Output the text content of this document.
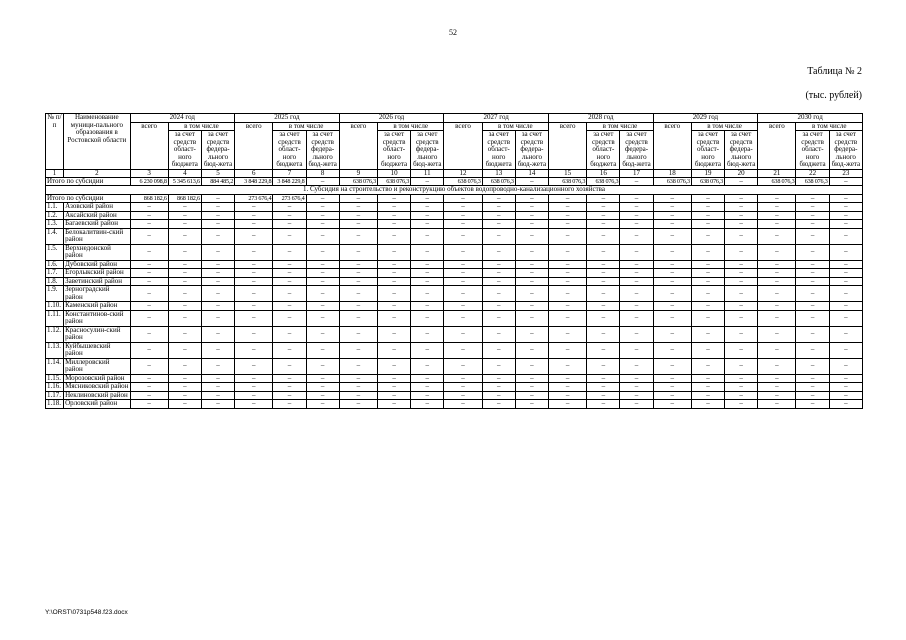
52
Таблица № 2
(тыс. рублей)
№ п/п	Наименование муници-пального образования в Ростовской области	2024 год			2025 год			2026 год			2027 год			2028 год			2029 год			2030 год		
		всего	в том числе		всего	в том числе		всего	в том числе		всего	в том числе		всего	в том числе		всего	в том числе		всего	в том числе	
			за счет средств област-ного бюджета	за счет средств федера-льного бюд-жета		за счет средств област-ного бюджета	за счет средств федера-льного бюд-жета		за счет средств област-ного бюджета	за счет средств федера-льного бюд-жета		за счет средств област-ного бюджета	за счет средств федера-льного бюд-жета		за счет средств област-ного бюджета	за счет средств федера-льного бюд-жета		за счет средств област-ного бюджета	за счет средств федера-льного бюд-жета		за счет средств област-ного бюджета	за счет средств федера-льного бюд-жета
1	2	3	4	5	6	7	8	9	10	11	12	13	14	15	16	17	18	19	20	21	22	23
Итого по субсидии		6 230 098,8	5 345 613,6	884 485,2	3 848 229,8	3 848 229,8	–	638 076,3	638 076,3	–	638 076,3	638 076,3	–	638 076,3	638 076,3	–	638 076,3	638 076,3	–	638 076,3	638 076,3	–
1. Субсидия на строительство и реконструкцию объектов водопроводно-канализационного хозяйства																						
Итого по субсидии		868 182,6	868 182,6	–	273 676,4	273 676,4	–	–	–	–	–	–	–	–	–	–	–	–	–	–	–	–
1.1.	Азовский район	–	–	–	–	–	–	–	–	–	–	–	–	–	–	–	–	–	–	–	–	–
1.2.	Аксайский район	–	–	–	–	–	–	–	–	–	–	–	–	–	–	–	–	–	–	–	–	–
1.3.	Багаевский район	–	–	–	–	–	–	–	–	–	–	–	–	–	–	–	–	–	–	–	–	–
1.4.	Белокалитвин-ский район	–	–	–	–	–	–	–	–	–	–	–	–	–	–	–	–	–	–	–	–	–
1.5.	Верхнедонской район	–	–	–	–	–	–	–	–	–	–	–	–	–	–	–	–	–	–	–	–	–
1.6.	Дубовский район	–	–	–	–	–	–	–	–	–	–	–	–	–	–	–	–	–	–	–	–	–
1.7.	Егорлыкский район	–	–	–	–	–	–	–	–	–	–	–	–	–	–	–	–	–	–	–	–	–
1.8.	Заветинский район	–	–	–	–	–	–	–	–	–	–	–	–	–	–	–	–	–	–	–	–	–
1.9.	Зерноградский район	–	–	–	–	–	–	–	–	–	–	–	–	–	–	–	–	–	–	–	–	–
1.10.	Каменский район	–	–	–	–	–	–	–	–	–	–	–	–	–	–	–	–	–	–	–	–	–
1.11.	Константинов-ский район	–	–	–	–	–	–	–	–	–	–	–	–	–	–	–	–	–	–	–	–	–
1.12.	Красносулин-ский район	–	–	–	–	–	–	–	–	–	–	–	–	–	–	–	–	–	–	–	–	–
1.13.	Куйбышевский район	–	–	–	–	–	–	–	–	–	–	–	–	–	–	–	–	–	–	–	–	–
1.14.	Миллеровский район	–	–	–	–	–	–	–	–	–	–	–	–	–	–	–	–	–	–	–	–	–
1.15.	Морозовский район	–	–	–	–	–	–	–	–	–	–	–	–	–	–	–	–	–	–	–	–	–
1.16.	Мясниковский район	–	–	–	–	–	–	–	–	–	–	–	–	–	–	–	–	–	–	–	–	–
1.17.	Неклиновский район	–	–	–	–	–	–	–	–	–	–	–	–	–	–	–	–	–	–	–	–	–
1.18.	Орловский район	–	–	–	–	–	–	–	–	–	–	–	–	–	–	–	–	–	–	–	–	–
Y:\ORST\0731p548.f23.docx
